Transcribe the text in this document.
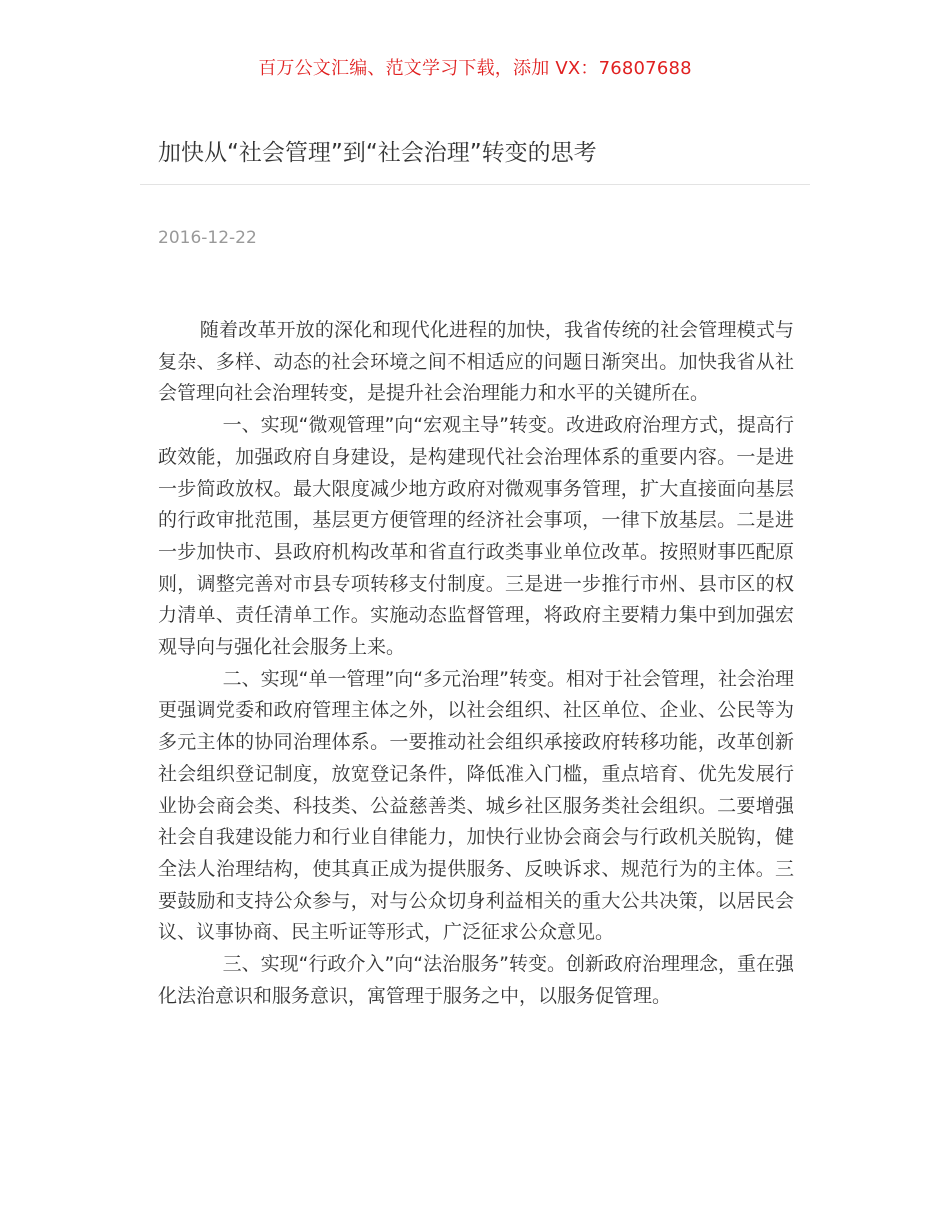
百万公文汇编、范文学习下载，添加 VX：76807688
加快从“社会管理”到“社会治理”转变的思考
2016-12-22

随着改革开放的深化和现代化进程的加快，我省传统的社会管理模式与复杂、多样、动态的社会环境之间不相适应的问题日渐突出。加快我省从社会管理向社会治理转变，是提升社会治理能力和水平的关键所在。

一、实现“微观管理”向“宏观主导”转变。改进政府治理方式，提高行政效能，加强政府自身建设，是构建现代社会治理体系的重要内容。一是进一步简政放权。最大限度减少地方政府对微观事务管理，扩大直接面向基层的行政审批范围，基层更方便管理的经济社会事项，一律下放基层。二是进一步加快市、县政府机构改革和省直行政类事业单位改革。按照财事匹配原则，调整完善对市县专项转移支付制度。三是进一步推行市州、县市区的权力清单、责任清单工作。实施动态监督管理，将政府主要精力集中到加强宏观导向与强化社会服务上来。

二、实现“单一管理”向“多元治理”转变。相对于社会管理，社会治理更强调党委和政府管理主体之外，以社会组织、社区单位、企业、公民等为多元主体的协同治理体系。一要推动社会组织承接政府转移功能，改革创新社会组织登记制度，放宽登记条件，降低准入门槛，重点培育、优先发展行业协会商会类、科技类、公益慈善类、城乡社区服务类社会组织。二要增强社会自我建设能力和行业自律能力，加快行业协会商会与行政机关脱钩，健全法人治理结构，使其真正成为提供服务、反映诉求、规范行为的主体。三要鼓励和支持公众参与，对与公众切身利益相关的重大公共决策，以居民会议、议事协商、民主听证等形式，广泛征求公众意见。

三、实现“行政介入”向“法治服务”转变。创新政府治理理念，重在强化法治意识和服务意识，寓管理于服务之中，以服务促管理。
